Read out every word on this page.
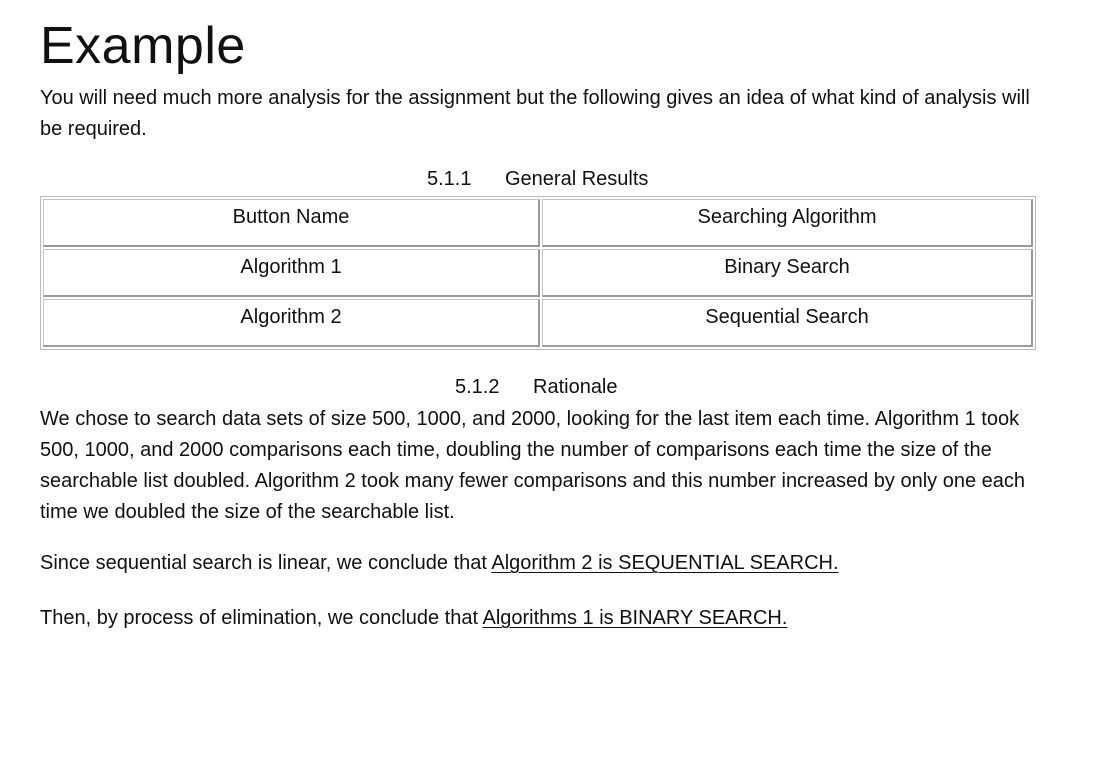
Example

You will need much more analysis for the assignment but the following gives an idea of what kind of analysis will be required.

5.1.1 General Results
Button Name	Searching Algorithm
Algorithm 1	Binary Search
Algorithm 2	Sequential Search
5.1.2 Rationale

We chose to search data sets of size 500, 1000, and 2000, looking for the last item each time. Algorithm 1 took 500, 1000, and 2000 comparisons each time, doubling the number of comparisons each time the size of the searchable list doubled. Algorithm 2 took many fewer comparisons and this number increased by only one each time we doubled the size of the searchable list.

Since sequential search is linear, we conclude that Algorithm 2 is SEQUENTIAL SEARCH.

Then, by process of elimination, we conclude that Algorithms 1 is BINARY SEARCH.
